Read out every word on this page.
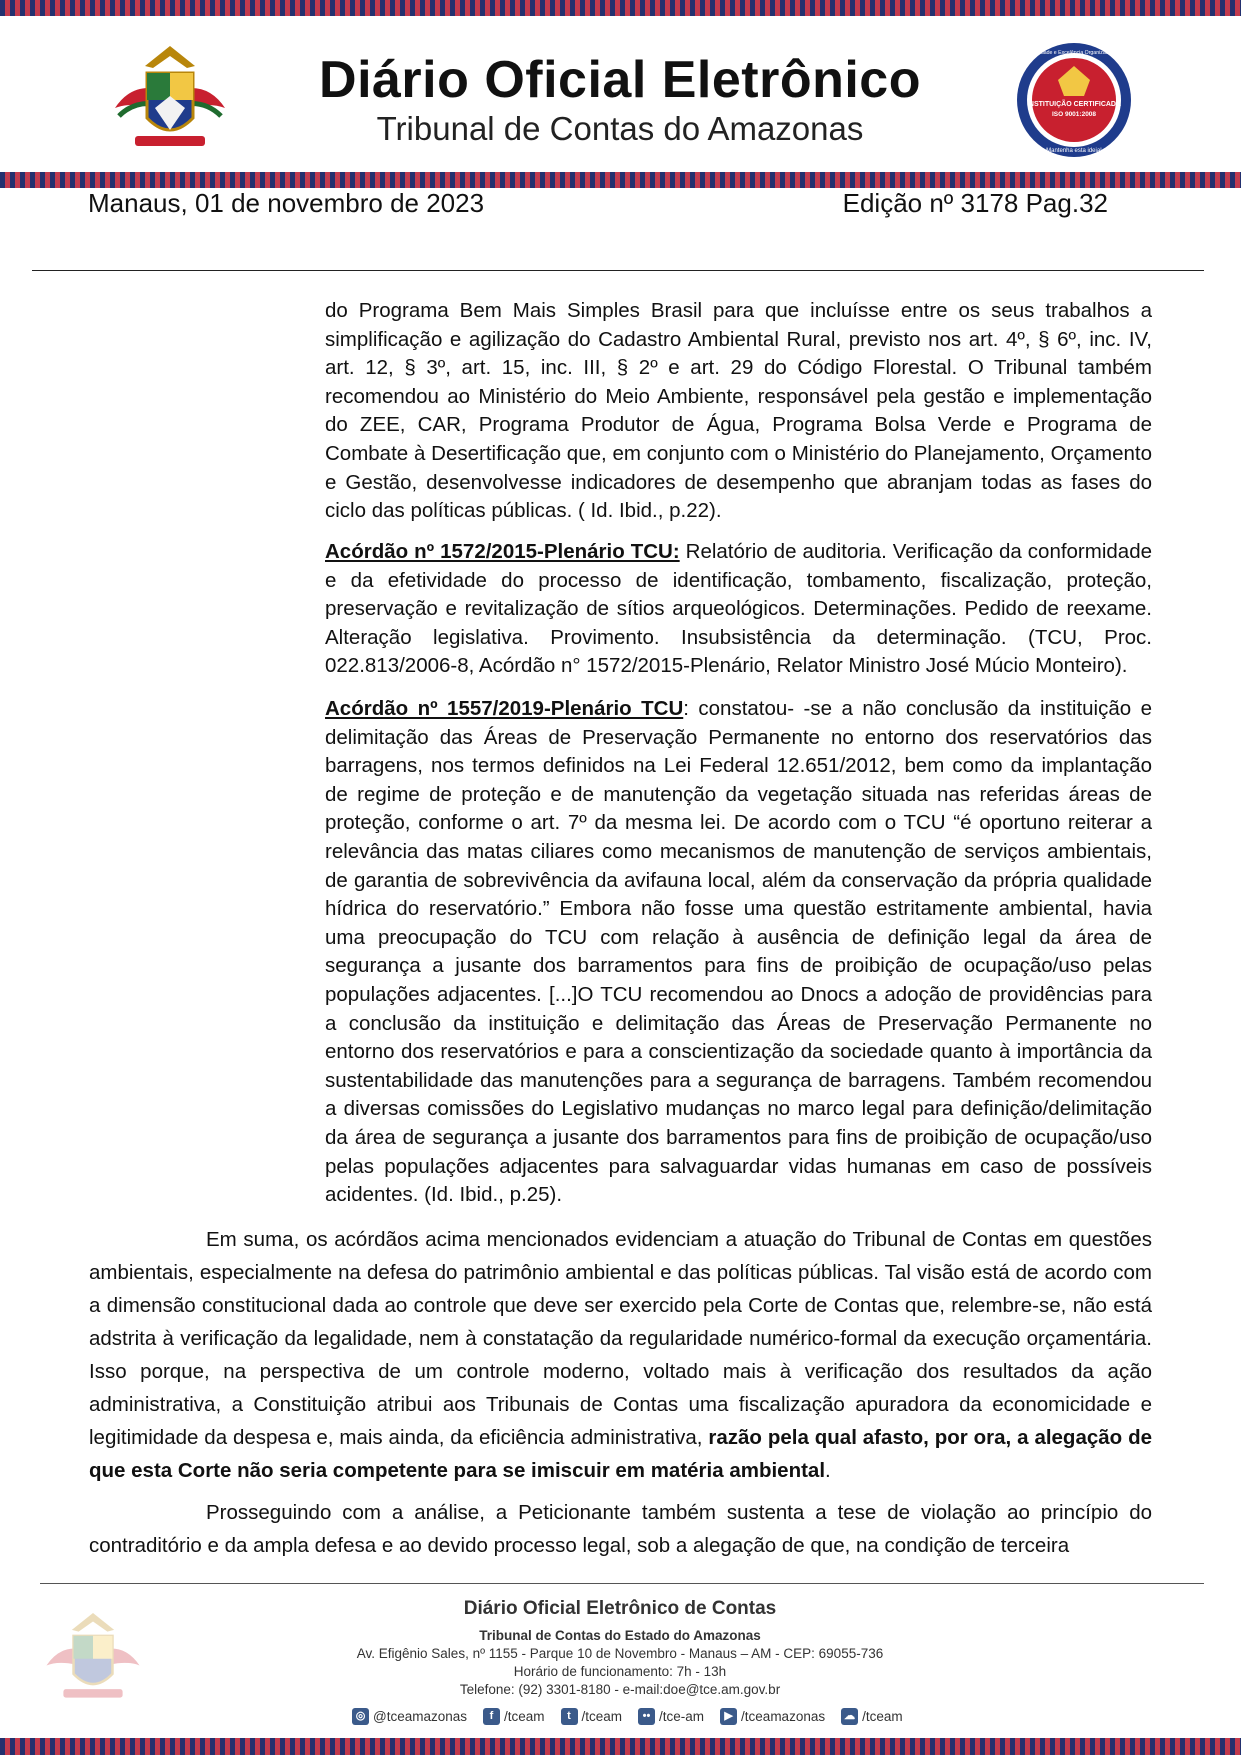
Diário Oficial Eletrônico
Tribunal de Contas do Amazonas
INSTITUIÇÃO CERTIFICADA
ISO 9001:2008
Qualidade e Excelência Organizacional
Mantenha esta ideia!
Manaus, 01 de novembro de 2023	Edição nº 3178 Pag.32
do Programa Bem Mais Simples Brasil para que incluísse entre os seus trabalhos a simplificação e agilização do Cadastro Ambiental Rural, previsto nos art. 4º, § 6º, inc. IV, art. 12, § 3º, art. 15, inc. III, § 2º e art. 29 do Código Florestal. O Tribunal também recomendou ao Ministério do Meio Ambiente, responsável pela gestão e implementação do ZEE, CAR, Programa Produtor de Água, Programa Bolsa Verde e Programa de Combate à Desertificação que, em conjunto com o Ministério do Planejamento, Orçamento e Gestão, desenvolvesse indicadores de desempenho que abranjam todas as fases do ciclo das políticas públicas. ( Id. Ibid., p.22).
Acórdão nº 1572/2015-Plenário TCU: Relatório de auditoria. Verificação da conformidade e da efetividade do processo de identificação, tombamento, fiscalização, proteção, preservação e revitalização de sítios arqueológicos. Determinações. Pedido de reexame. Alteração legislativa. Provimento. Insubsistência da determinação. (TCU, Proc. 022.813/2006-8, Acórdão n° 1572/2015-Plenário, Relator Ministro José Múcio Monteiro).
Acórdão nº 1557/2019-Plenário TCU: constatou- -se a não conclusão da instituição e delimitação das Áreas de Preservação Permanente no entorno dos reservatórios das barragens, nos termos definidos na Lei Federal 12.651/2012, bem como da implantação de regime de proteção e de manutenção da vegetação situada nas referidas áreas de proteção, conforme o art. 7º da mesma lei. De acordo com o TCU “é oportuno reiterar a relevância das matas ciliares como mecanismos de manutenção de serviços ambientais, de garantia de sobrevivência da avifauna local, além da conservação da própria qualidade hídrica do reservatório.” Embora não fosse uma questão estritamente ambiental, havia uma preocupação do TCU com relação à ausência de definição legal da área de segurança a jusante dos barramentos para fins de proibição de ocupação/uso pelas populações adjacentes. [...]O TCU recomendou ao Dnocs a adoção de providências para a conclusão da instituição e delimitação das Áreas de Preservação Permanente no entorno dos reservatórios e para a conscientização da sociedade quanto à importância da sustentabilidade das manutenções para a segurança de barragens. Também recomendou a diversas comissões do Legislativo mudanças no marco legal para definição/delimitação da área de segurança a jusante dos barramentos para fins de proibição de ocupação/uso pelas populações adjacentes para salvaguardar vidas humanas em caso de possíveis acidentes. (Id. Ibid., p.25).
Em suma, os acórdãos acima mencionados evidenciam a atuação do Tribunal de Contas em questões ambientais, especialmente na defesa do patrimônio ambiental e das políticas públicas. Tal visão está de acordo com a dimensão constitucional dada ao controle que deve ser exercido pela Corte de Contas que, relembre-se, não está adstrita à verificação da legalidade, nem à constatação da regularidade numérico-formal da execução orçamentária. Isso porque, na perspectiva de um controle moderno, voltado mais à verificação dos resultados da ação administrativa, a Constituição atribui aos Tribunais de Contas uma fiscalização apuradora da economicidade e legitimidade da despesa e, mais ainda, da eficiência administrativa, razão pela qual afasto, por ora, a alegação de que esta Corte não seria competente para se imiscuir em matéria ambiental.
Prosseguindo com a análise, a Peticionante também sustenta a tese de violação ao princípio do contraditório e da ampla defesa e ao devido processo legal, sob a alegação de que, na condição de terceira
Diário Oficial Eletrônico de Contas
Tribunal de Contas do Estado do Amazonas
Av. Efigênio Sales, nº 1155 - Parque 10 de Novembro - Manaus – AM - CEP: 69055-736
Horário de funcionamento: 7h - 13h
Telefone: (92) 3301-8180 - e-mail:doe@tce.am.gov.br
◎ @tceamazonas	f /tceam	t /tceam	•• /tce-am	▶ /tceamazonas ☁ /tceam
